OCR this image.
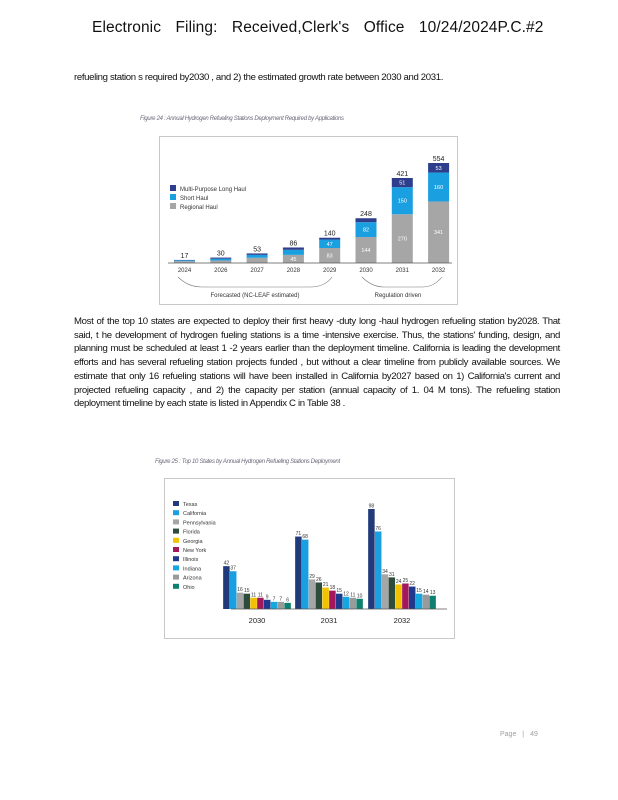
Electronic Filing: Received,Clerk's Office 10/24/2024P.C.#2
refueling station s required by2030 , and 2) the estimated growth rate between 2030 and 2031.
Figure 24 : Annual Hydrogen Refueling Stations Deployment Required by Applications
Multi-Purpose Long Haul
Short Haul
Regional Haul
17
2024
30
2026
53
2027
45
86
2028
83
47
140
2029
144
82
248
2030
270
150
51
421
2031
341
160
53
554
2032
Forecasted (NC-LEAF estimated)	Regulation driven
Most of the top 10 states are expected to deploy their first heavy -duty long -haul hydrogen refueling station by2028. That said, t he development of hydrogen fueling stations is a time -intensive exercise. Thus, the stations' funding, design, and planning must be scheduled at least 1 -2 years earlier than the deployment timeline. California is leading the development efforts and has several refueling station projects funded , but without a clear timeline from publicly available sources. We estimate that only 16 refueling stations will have been installed in California by2027 based on 1) California's current and projected refueling capacity , and 2) the capacity per station (annual capacity of 1. 04 M tons). The refueling station deployment timeline by each state is listed in Appendix C in Table 38 .
Figure 25 : Top 10 States by Annual Hydrogen Refueling Stations Deployment
Texas
California
Pennsylvania
Florida
Georgia
New York
Illinois
Indiana
Arizona
Ohio
42
37
16 15
11 11 9 7 7 6
2030
71
68
29
26
21
18
15
12 11 10
2031
98
76
34
31
24 25
22
15 14 13
2032
Page | 49
